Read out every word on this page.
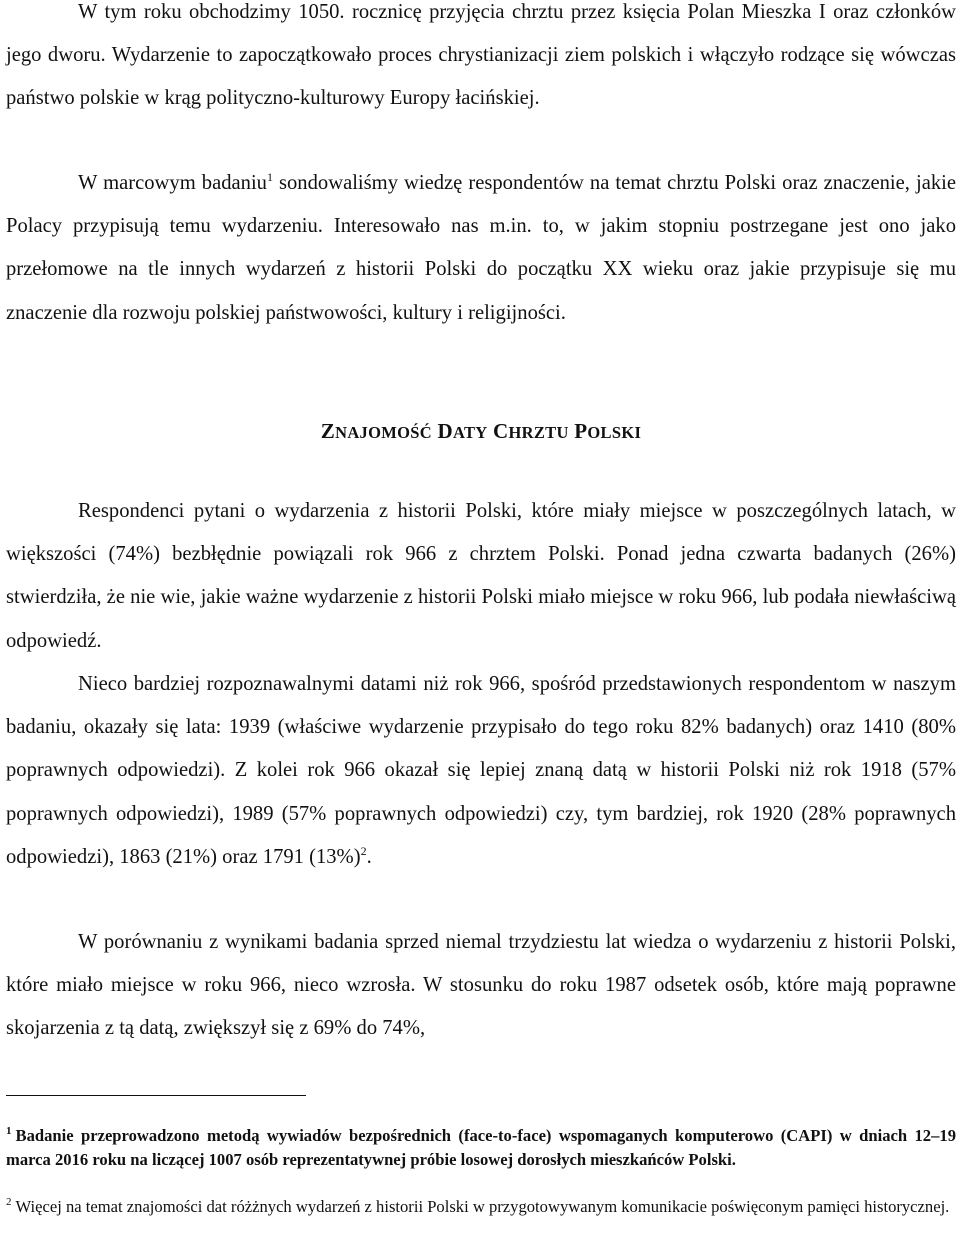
W tym roku obchodzimy 1050. rocznicę przyjęcia chrztu przez księcia Polan Mieszka I oraz członków jego dworu. Wydarzenie to zapoczątkowało proces chrystianizacji ziem polskich i włączyło rodzące się wówczas państwo polskie w krąg polityczno-kulturowy Europy łacińskiej.

W marcowym badaniu$^1$ sondowaliśmy wiedzę respondentów na temat chrztu Polski oraz znaczenie, jakie Polacy przypisują temu wydarzeniu. Interesowało nas m.in. to, w jakim stopniu postrzegane jest ono jako przełomowe na tle innych wydarzeń z historii Polski do początku XX wieku oraz jakie przypisuje się mu znaczenie dla rozwoju polskiej państwowości, kultury i religijności.

ZNAJOMOŚĆ DATY CHRZTU POLSKI

Respondenci pytani o wydarzenia z historii Polski, które miały miejsce w poszczególnych latach, w większości (74%) bezbłędnie powiązali rok 966 z chrztem Polski. Ponad jedna czwarta badanych (26%) stwierdziła, że nie wie, jakie ważne wydarzenie z historii Polski miało miejsce w roku 966, lub podała niewłaściwą odpowiedź.

Nieco bardziej rozpoznawalnymi datami niż rok 966, spośród przedstawionych respondentom w naszym badaniu, okazały się lata: 1939 (właściwe wydarzenie przypisało do tego roku 82% badanych) oraz 1410 (80% poprawnych odpowiedzi). Z kolei rok 966 okazał się lepiej znaną datą w historii Polski niż rok 1918 (57% poprawnych odpowiedzi), 1989 (57% poprawnych odpowiedzi) czy, tym bardziej, rok 1920 (28% poprawnych odpowiedzi), 1863 (21%) oraz 1791 $(13\%)^2$.

W porównaniu z wynikami badania sprzed niemal trzydziestu lat wiedza o wydarzeniu z historii Polski, które miało miejsce w roku 966, nieco wzrosła. W stosunku do roku 1987 odsetek osób, które mają poprawne skojarzenia z tą datą, zwiększył się z 69% do 74%,

$^1$ Badanie przeprowadzono metodą wywiadów bezpośrednich (face-to-face) wspomaganych komputerowo (CAPI) w dniach 12–19 marca 2016 roku na liczącej 1007 osób reprezentatywnej próbie losowej dorosłych mieszkańców Polski.

$^2$ Więcej na temat znajomości dat różżnych wydarzeń z historii Polski w przygotowywanym komunikacie poświęconym pamięci historycznej.
